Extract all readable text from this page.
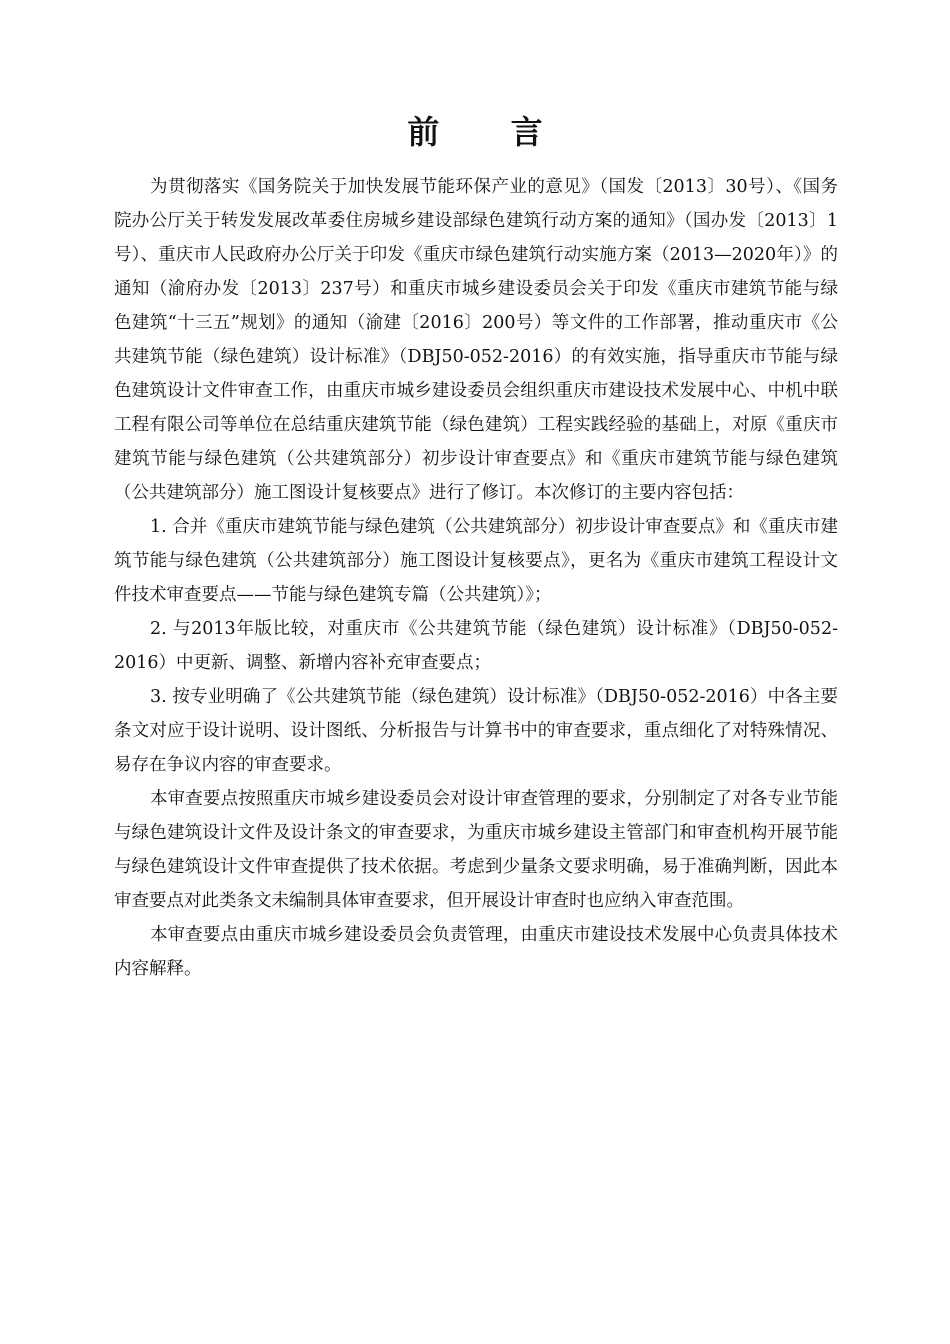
前 言

为贯彻落实《国务院关于加快发展节能环保产业的意见》（国发〔2013〕30号）、《国务院办公厅关于转发发展改革委住房城乡建设部绿色建筑行动方案的通知》（国办发〔2013〕1号）、重庆市人民政府办公厅关于印发《重庆市绿色建筑行动实施方案（2013—2020年）》的通知（渝府办发〔2013〕237号）和重庆市城乡建设委员会关于印发《重庆市建筑节能与绿色建筑“十三五”规划》的通知（渝建〔2016〕200号）等文件的工作部署，推动重庆市《公共建筑节能（绿色建筑）设计标准》（DBJ50-052-2016）的有效实施，指导重庆市节能与绿色建筑设计文件审查工作，由重庆市城乡建设委员会组织重庆市建设技术发展中心、中机中联工程有限公司等单位在总结重庆建筑节能（绿色建筑）工程实践经验的基础上，对原《重庆市建筑节能与绿色建筑（公共建筑部分）初步设计审查要点》和《重庆市建筑节能与绿色建筑（公共建筑部分）施工图设计复核要点》进行了修订。本次修订的主要内容包括：

1. 合并《重庆市建筑节能与绿色建筑（公共建筑部分）初步设计审查要点》和《重庆市建筑节能与绿色建筑（公共建筑部分）施工图设计复核要点》，更名为《重庆市建筑工程设计文件技术审查要点——节能与绿色建筑专篇（公共建筑）》；

2. 与2013年版比较，对重庆市《公共建筑节能（绿色建筑）设计标准》（DBJ50-052-2016）中更新、调整、新增内容补充审查要点；

3. 按专业明确了《公共建筑节能（绿色建筑）设计标准》（DBJ50-052-2016）中各主要条文对应于设计说明、设计图纸、分析报告与计算书中的审查要求，重点细化了对特殊情况、易存在争议内容的审查要求。

本审查要点按照重庆市城乡建设委员会对设计审查管理的要求，分别制定了对各专业节能与绿色建筑设计文件及设计条文的审查要求，为重庆市城乡建设主管部门和审查机构开展节能与绿色建筑设计文件审查提供了技术依据。考虑到少量条文要求明确，易于准确判断，因此本审查要点对此类条文未编制具体审查要求，但开展设计审查时也应纳入审查范围。

本审查要点由重庆市城乡建设委员会负责管理，由重庆市建设技术发展中心负责具体技术内容解释。
